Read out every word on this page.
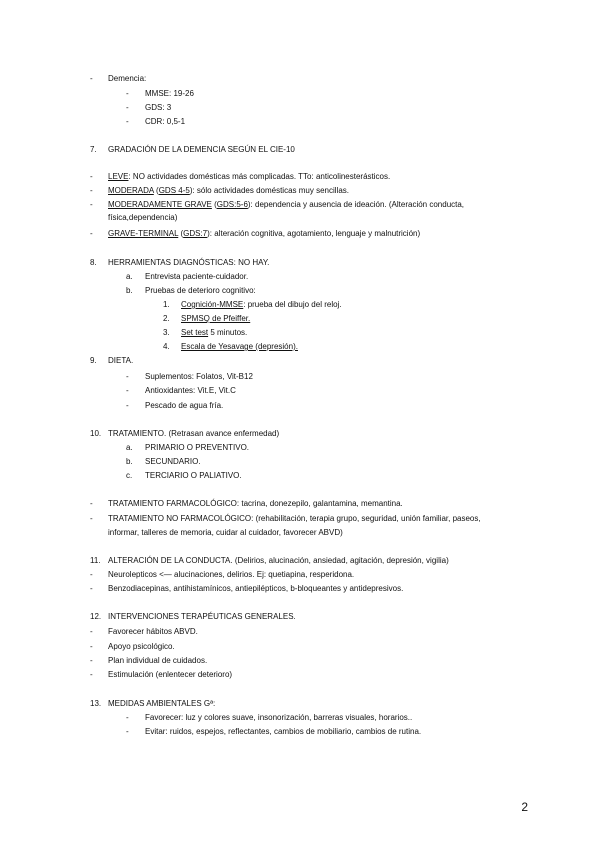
- Demencia:
- MMSE: 19-26
- GDS: 3
- CDR: 0,5-1
7. GRADACIÓN DE LA DEMENCIA SEGÚN EL CIE-10
- LEVE: NO actividades domésticas más complicadas. TTo: anticolinesterásticos.
- MODERADA (GDS 4-5): sólo actividades domésticas muy sencillas.
- MODERADAMENTE GRAVE (GDS:5-6): dependencia y ausencia de ideación. (Alteración conducta,
física,dependencia)
- GRAVE-TERMINAL (GDS:7): alteración cognitiva, agotamiento, lenguaje y malnutrición)
8. HERRAMIENTAS DIAGNÓSTICAS: NO HAY.
a. Entrevista paciente-cuidador.
b. Pruebas de deterioro cognitivo:
1. Cognición-MMSE: prueba del dibujo del reloj.
2. SPMSQ de Pfeiffer.
3. Set test 5 minutos.
4. Escala de Yesavage (depresión).
9. DIETA.
- Suplementos: Folatos, Vit-B12
- Antioxidantes: Vit.E, Vit.C
- Pescado de agua fría.
10. TRATAMIENTO. (Retrasan avance enfermedad)
a. PRIMARIO O PREVENTIVO.
b. SECUNDARIO.
c. TERCIARIO O PALIATIVO.
- TRATAMIENTO FARMACOLÓGICO: tacrina, donezepilo, galantamina, memantina.
- TRATAMIENTO NO FARMACOLÓGICO: (rehabilitación, terapia grupo, seguridad, unión familiar, paseos,
informar, talleres de memoria, cuidar al cuidador, favorecer ABVD)
11. ALTERACIÓN DE LA CONDUCTA. (Delirios, alucinación, ansiedad, agitación, depresión, vigilia)
- Neurolepticos <— alucinaciones, delirios. Ej: quetiapina, resperidona.
- Benzodiacepinas, antihistamínicos, antiepilépticos, b-bloqueantes y antidepresivos.
12. INTERVENCIONES TERAPÉUTICAS GENERALES.
- Favorecer hábitos ABVD.
- Apoyo psicológico.
- Plan individual de cuidados.
- Estimulación (enlentecer deterioro)
13. MEDIDAS AMBIENTALES Gª:
- Favorecer: luz y colores suave, insonorización, barreras visuales, horarios..
- Evitar: ruidos, espejos, reflectantes, cambios de mobiliario, cambios de rutina.
2
